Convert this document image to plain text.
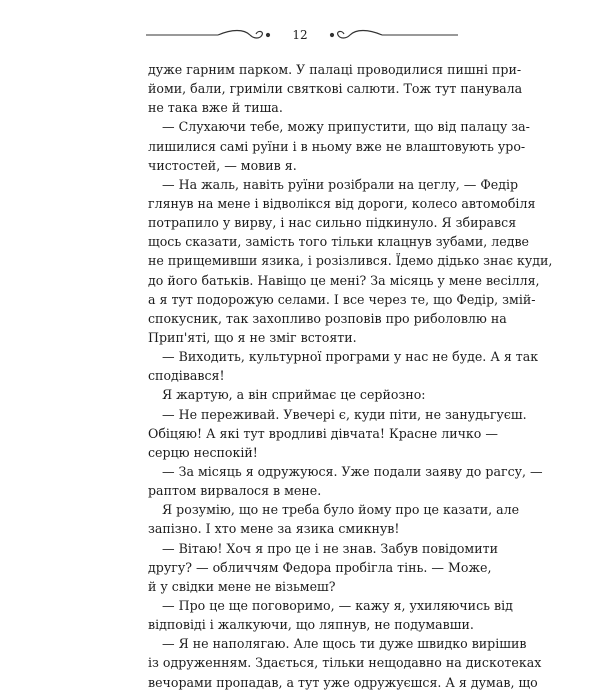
12
дуже гарним парком. У палаці проводилися пишні при-
йоми, бали, гриміли святкові салюти. Тож тут панувала
не така вже й тиша.
— Слухаючи тебе, можу припустити, що від палацу за-
лишилися самі руїни і в ньому вже не влаштовують уро-
чистостей, — мовив я.
— На жаль, навіть руїни розібрали на цеглу, — Федір
глянув на мене і відволікся від дороги, колесо автомобіля
потрапило у вирву, і нас сильно підкинуло. Я збирався
щось сказати, замість того тільки клацнув зубами, ледве
не прищемивши язика, і розізлився. Їдемо дідько знає куди,
до його батьків. Навіщо це мені? За місяць у мене весілля,
а я тут подорожую селами. І все через те, що Федір, змій-
спокусник, так захопливо розповів про риболовлю на
Прип'яті, що я не зміг встояти.
— Виходить, культурної програми у нас не буде. А я так
сподівався!
Я жартую, а він сприймає це серйозно:
— Не переживай. Увечері є, куди піти, не занудьгуєш.
Обіцяю! А які тут вродливі дівчата! Красне личко —
серцю неспокій!
— За місяць я одружуюся. Уже подали заяву до рагсу, —
раптом вирвалося в мене.
Я розумію, що не треба було йому про це казати, але
запізно. І хто мене за язика смикнув!
— Вітаю! Хоч я про це і не знав. Забув повідомити
другу? — обличчям Федора пробігла тінь. — Може,
й у свідки мене не візьмеш?
— Про це ще поговоримо, — кажу я, ухиляючись від
відповіді і жалкуючи, що ляпнув, не подумавши.
— Я не наполягаю. Але щось ти дуже швидко вирішив
із одруженням. Здається, тільки нещодавно на дискотеках
вечорами пропадав, а тут уже одружуєшся. А я думав, що
